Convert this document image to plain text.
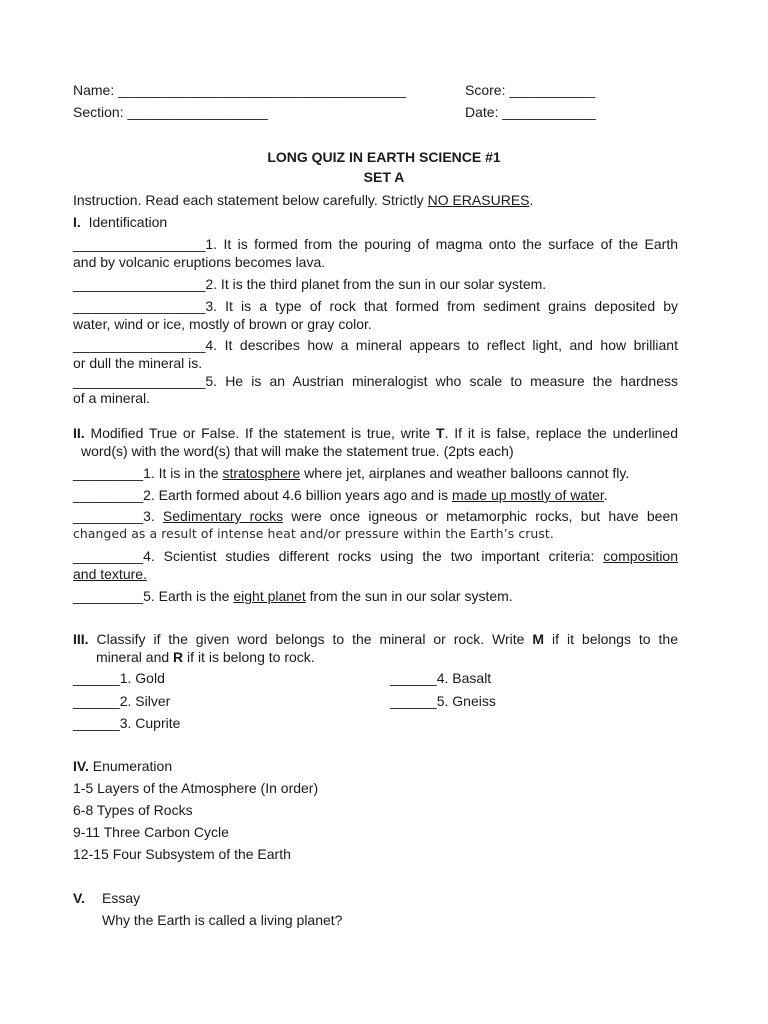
Name: _____________________________________	Score: ___________
Section: __________________	Date: ____________
LONG QUIZ IN EARTH SCIENCE #1
SET A
Instruction. Read each statement below carefully. Strictly NO ERASURES.
I. Identification
_________________1. It is formed from the pouring of magma onto the surface of the Earth
and by volcanic eruptions becomes lava.
_________________2. It is the third planet from the sun in our solar system.
_________________3. It is a type of rock that formed from sediment grains deposited by
water, wind or ice, mostly of brown or gray color.
_________________4. It describes how a mineral appears to reflect light, and how brilliant
or dull the mineral is.
_________________5. He is an Austrian mineralogist who scale to measure the hardness
of a mineral.
II. Modified True or False. If the statement is true, write T. If it is false, replace the underlined
word(s) with the word(s) that will make the statement true. (2pts each)
_________1. It is in the stratosphere where jet, airplanes and weather balloons cannot fly.
_________2. Earth formed about 4.6 billion years ago and is made up mostly of water.
_________3. Sedimentary rocks were once igneous or metamorphic rocks, but have been
changed as a result of intense heat and/or pressure within the Earth’s crust.
_________4. Scientist studies different rocks using the two important criteria: composition
and texture.
_________5. Earth is the eight planet from the sun in our solar system.
III. Classify if the given word belongs to the mineral or rock. Write M if it belongs to the
mineral and R if it is belong to rock.
______1. Gold	______4. Basalt
______2. Silver	______5. Gneiss
______3. Cuprite
IV. Enumeration
1-5 Layers of the Atmosphere (In order)
6-8 Types of Rocks
9-11 Three Carbon Cycle
12-15 Four Subsystem of the Earth
V.	Essay
Why the Earth is called a living planet?
